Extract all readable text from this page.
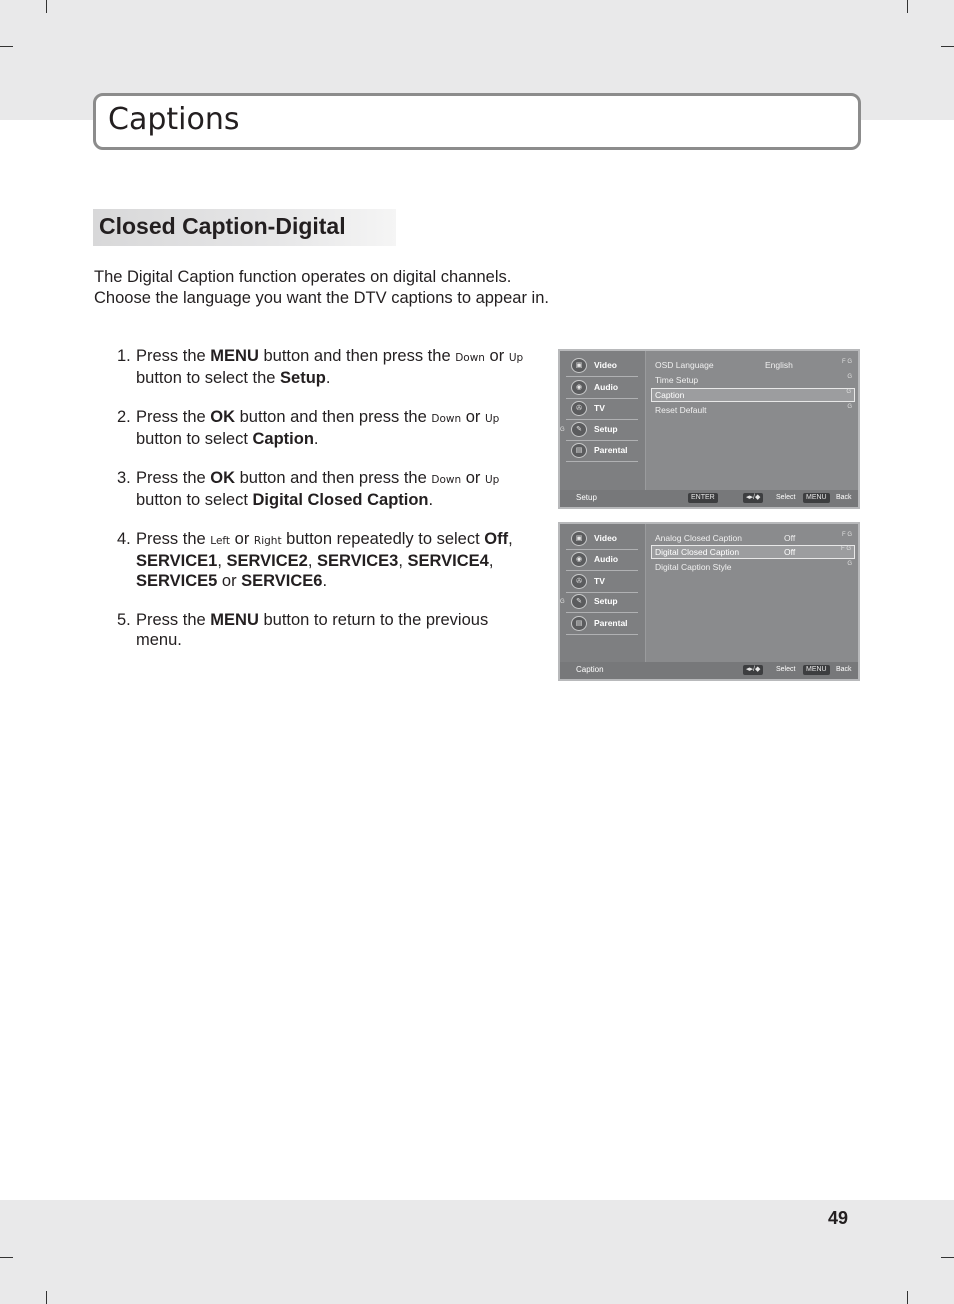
Captions
Closed Caption-Digital
The Digital Caption function operates on digital channels.
Choose the language you want the DTV captions to appear in.
1. Press the MENU button and then press the Down or Up button to select the Setup.
2. Press the OK button and then press the Down or Up button to select Caption.
3. Press the OK button and then press the Down or Up button to select Digital Closed Caption.
4. Press the Left or Right button repeatedly to select Off, SERVICE1, SERVICE2, SERVICE3, SERVICE4, SERVICE5 or SERVICE6.
5. Press the MENU button to return to the previous menu.
▣	Video
◉	Audio
✇	TV
✎	Setup
▤	Parental
G
OSD Language	English	F G
Time Setup	G
Caption	G
Reset Default	G
Setup	ENTER	◂▸/◆	Select	MENU	Back
▣	Video
◉	Audio
✇	TV
✎	Setup
▤	Parental
G
Analog Closed Caption	Off	F G
Digital Closed Caption	Off	F G
Digital Caption Style	G
Caption	◂▸/◆	Select	MENU	Back
49
